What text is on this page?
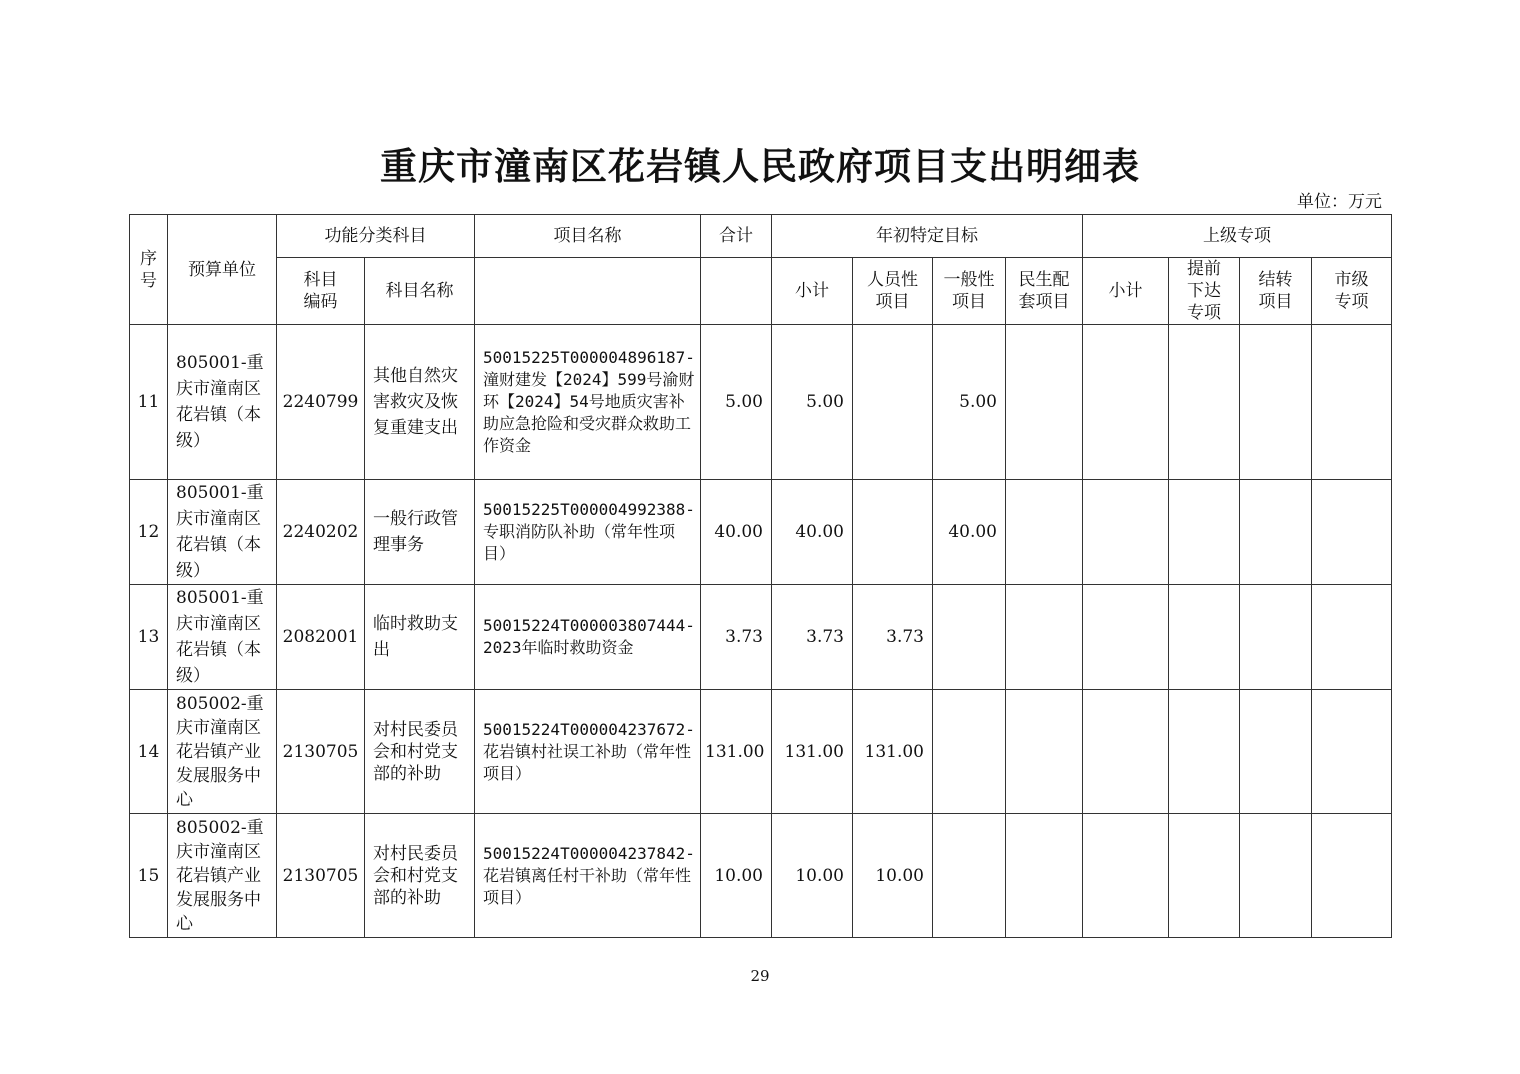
重庆市潼南区花岩镇人民政府项目支出明细表
单位：万元
序号	预算单位	功能分类科目		项目名称	合计	年初特定目标				上级专项			
		科目编码	科目名称			小计	人员性项目	一般性项目	民生配套项目	小计	提前下达专项	结转项目	市级专项
11	805001-重庆市潼南区花岩镇（本级）	2240799	其他自然灾害救灾及恢复重建支出	50015225T000004896187-潼财建发【2024】599号渝财环【2024】54号地质灾害补助应急抢险和受灾群众救助工作资金	5.00	5.00		5.00					
12	805001-重庆市潼南区花岩镇（本级）	2240202	一般行政管理事务	50015225T000004992388-专职消防队补助（常年性项目）	40.00	40.00		40.00					
13	805001-重庆市潼南区花岩镇（本级）	2082001	临时救助支出	50015224T000003807444-2023年临时救助资金	3.73	3.73	3.73						
14	805002-重庆市潼南区花岩镇产业发展服务中心	2130705	对村民委员会和村党支部的补助	50015224T000004237672-花岩镇村社误工补助（常年性项目）	131.00	131.00	131.00						
15	805002-重庆市潼南区花岩镇产业发展服务中心	2130705	对村民委员会和村党支部的补助	50015224T000004237842-花岩镇离任村干补助（常年性项目）	10.00	10.00	10.00						
29
